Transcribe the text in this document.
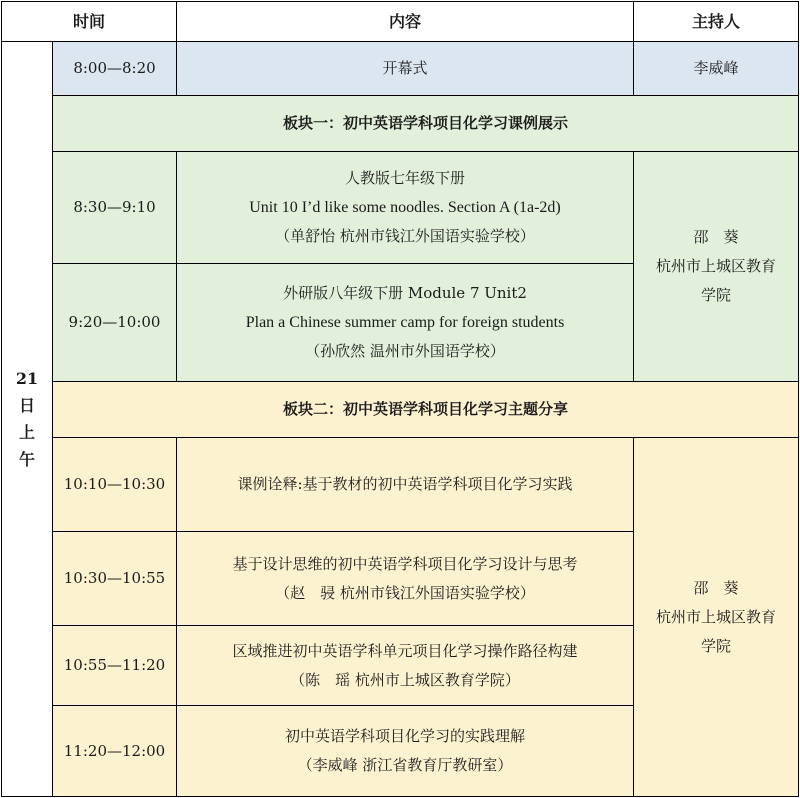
时间		内容	主持人

21
日
上
午	8:00—8:20	开幕式	李威峰
	板块一：初中英语学科项目化学习课例展示		
	8:30—9:10	人教版七年级下册
Unit 10 I’d like some noodles. Section A (1a-2d)
（单舒怡 杭州市钱江外国语实验学校）	邵　葵
杭州市上城区教育
学院

	9:20—10:00	外研版八年级下册 Module 7 Unit2
Plan a Chinese summer camp for foreign students
（孙欣然 温州市外国语学校）	

	板块二：初中英语学科项目化学习主题分享		
	10:10—10:30	课例诠释:基于教材的初中英语学科项目化学习实践	邵　葵
杭州市上城区教育
学院

	10:30—10:55	基于设计思维的初中英语学科项目化学习设计与思考
（赵　骎 杭州市钱江外国语实验学校）	

	10:55—11:20	区域推进初中英语学科单元项目化学习操作路径构建
（陈　瑶 杭州市上城区教育学院）	

	11:20—12:00	初中英语学科项目化学习的实践理解
（李威峰 浙江省教育厅教研室）	
